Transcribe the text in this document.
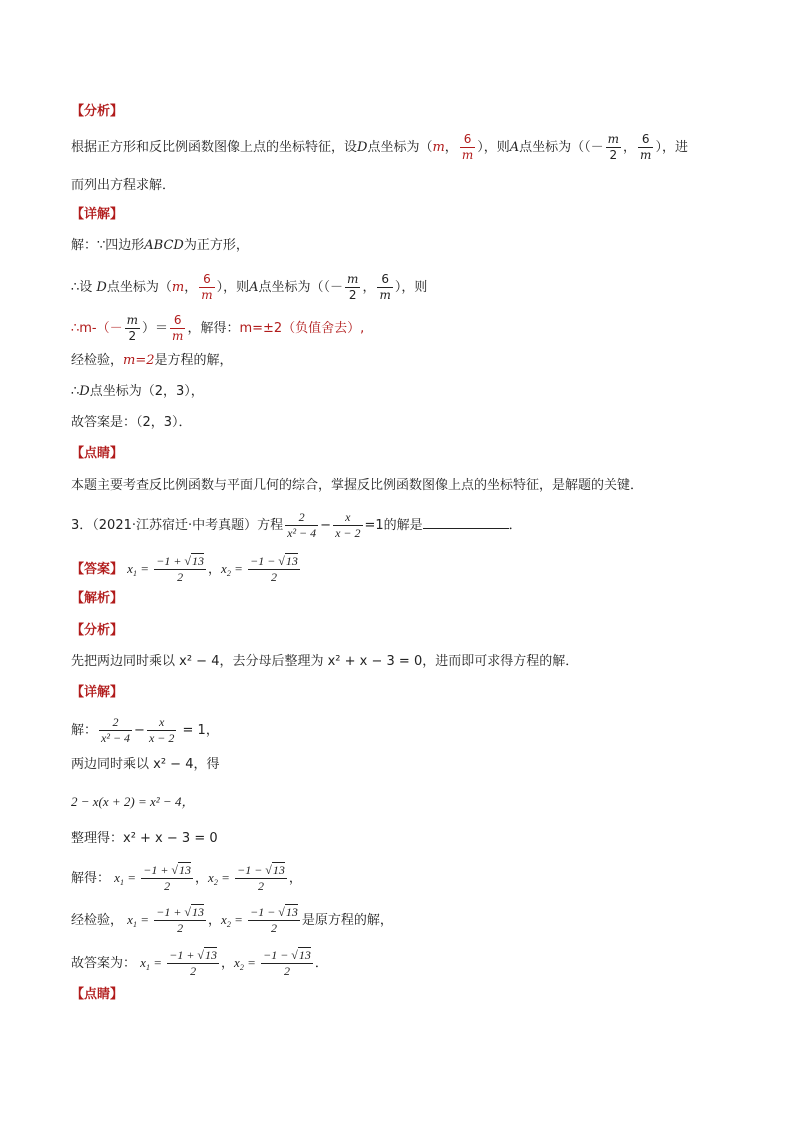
【分析】
根据正方形和反比例函数图像上点的坐标特征，设D点坐标为（m， $\frac{6}{m}$ ），则A点坐标为（（－ $\frac{m}{2}$ ， $\frac{6}{m}$ ），进
而列出方程求解．
【详解】
解：∵四边形ABCD为正方形，
∴设 D点坐标为（m， $\frac{6}{m}$ ），则A点坐标为（（－ $\frac{m}{2}$ ， $\frac{6}{m}$ ），则
∴m-（－ $\frac{m}{2}$ ）＝ $\frac{6}{m}$ ，解得：m=±2（负值舍去）,
经检验，m=2是方程的解，
∴D点坐标为（2，3），
故答案是：（2，3）．
【点睛】
本题主要考查反比例函数与平面几何的综合，掌握反比例函数图像上点的坐标特征，是解题的关键．
3．（2021·江苏宿迁·中考真题）方程 $\frac{2}{\text{x² − 4}} - \frac{x}{x - 2} =1$的解是	．
【答案】 $x_1 = \frac{-1 + √13}{2}$ ，$x_2 = \frac{-1 - √13}{2}$
【解析】
【分析】
先把两边同时乘以 x² − 4，去分母后整理为 x² + x − 3 = 0，进而即可求得方程的解．
【详解】
解： $\frac{2}{\text{x² − 4}} - \frac{x}{x - 2} = 1$，
两边同时乘以 x² − 4，得
2 − x(x + 2) = x² − 4，
整理得：x² + x − 3 = 0
解得： $x_1 = \frac{-1 + √13}{2}$ ，$x_2 = \frac{-1 - √13}{2}$ ，
经检验， $x_1 = \frac{-1 + √13}{2}$ ，$x_2 = \frac{-1 - √13}{2}$ 是原方程的解，
故答案为： $x_1 = \frac{-1 + √13}{2}$ ，$x_2 = \frac{-1 - √13}{2}$ ．
【点睛】
